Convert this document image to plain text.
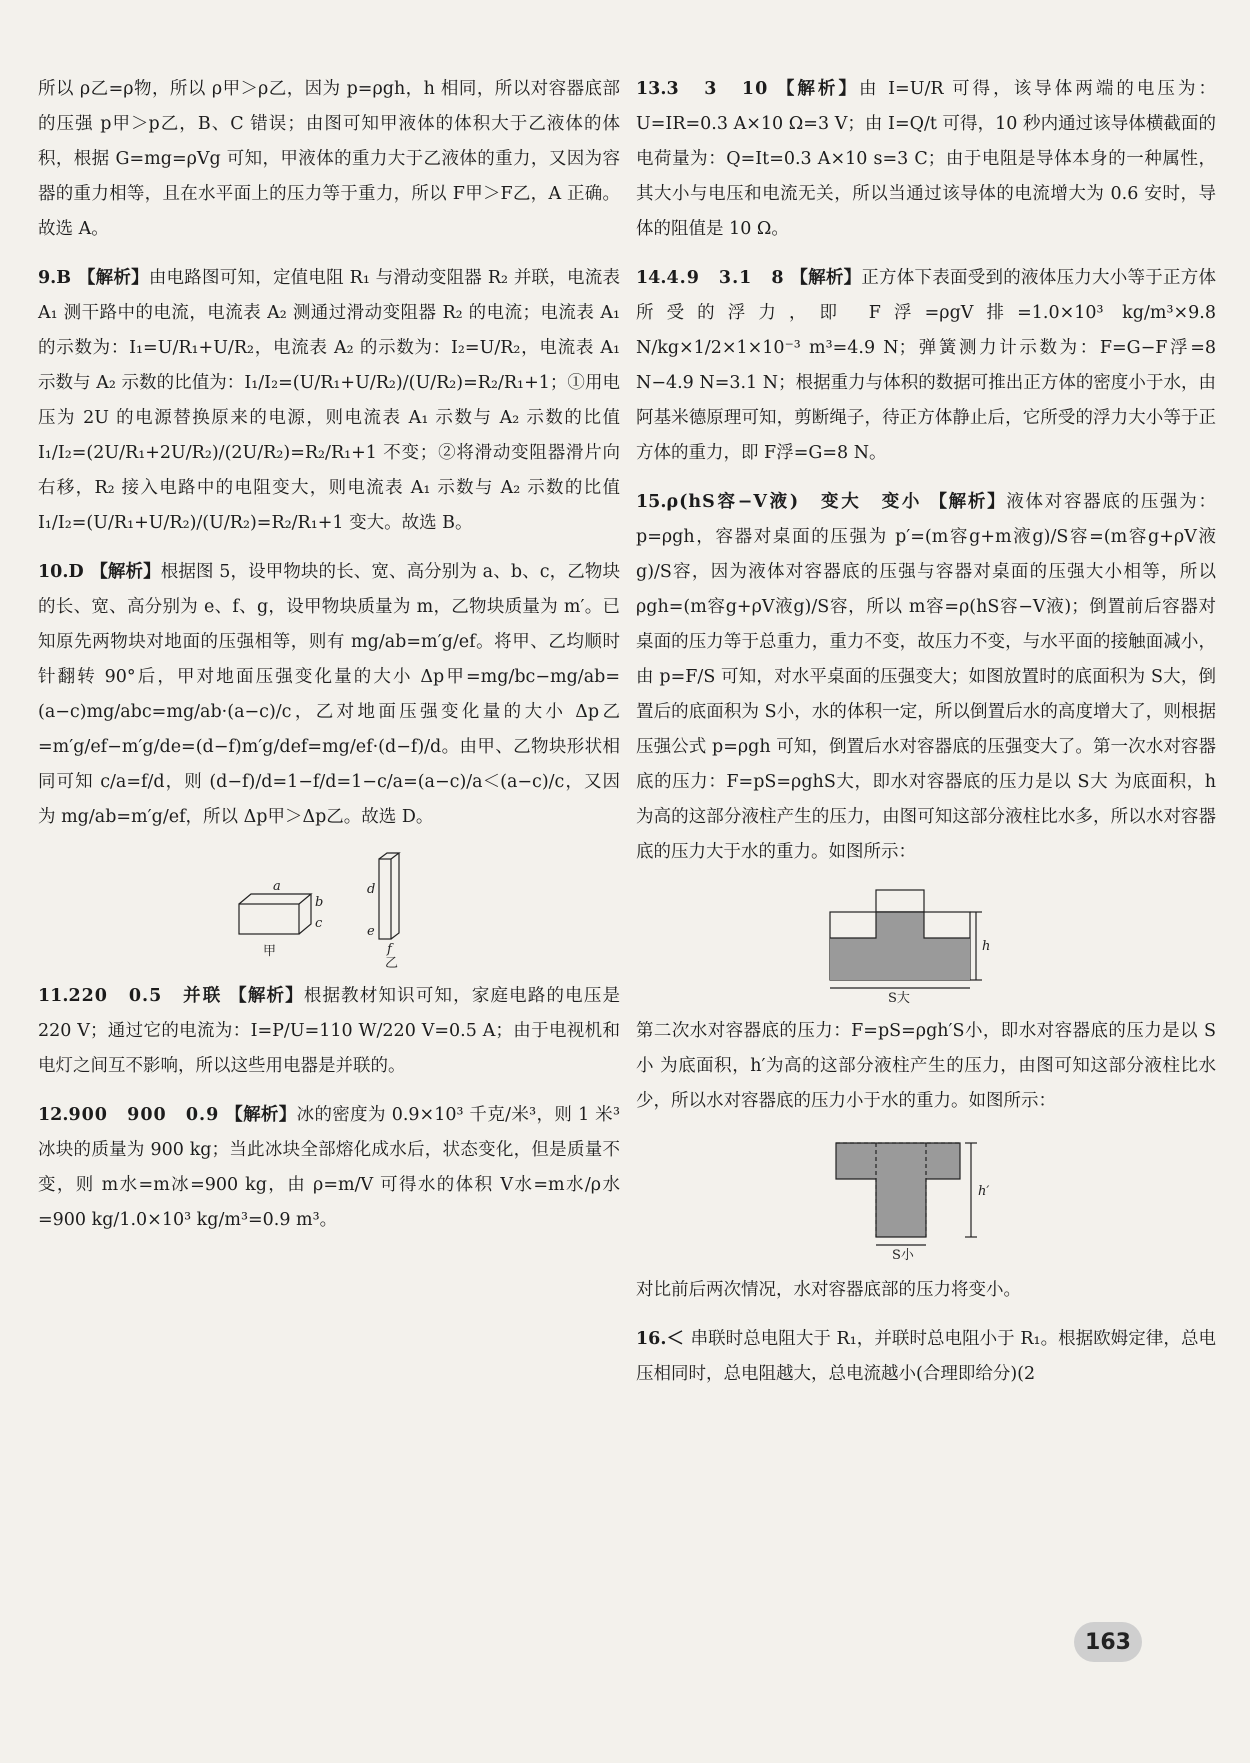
所以 ρ乙=ρ物，所以 ρ甲＞ρ乙，因为 p=ρgh，h 相同，所以对容器底部的压强 p甲＞p乙，B、C 错误；由图可知甲液体的体积大于乙液体的体积，根据 G=mg=ρVg 可知，甲液体的重力大于乙液体的重力，又因为容器的重力相等，且在水平面上的压力等于重力，所以 F甲＞F乙，A 正确。故选 A。

9.B 【解析】由电路图可知，定值电阻 R₁ 与滑动变阻器 R₂ 并联，电流表 A₁ 测干路中的电流，电流表 A₂ 测通过滑动变阻器 R₂ 的电流；电流表 A₁ 的示数为：I₁=U/R₁+U/R₂，电流表 A₂ 的示数为：I₂=U/R₂，电流表 A₁ 示数与 A₂ 示数的比值为：I₁/I₂=(U/R₁+U/R₂)/(U/R₂)=R₂/R₁+1；①用电压为 2U 的电源替换原来的电源，则电流表 A₁ 示数与 A₂ 示数的比值 I₁/I₂=(2U/R₁+2U/R₂)/(2U/R₂)=R₂/R₁+1 不变；②将滑动变阻器滑片向右移，R₂ 接入电路中的电阻变大，则电流表 A₁ 示数与 A₂ 示数的比值 I₁/I₂=(U/R₁+U/R₂)/(U/R₂)=R₂/R₁+1 变大。故选 B。

10.D 【解析】根据图 5，设甲物块的长、宽、高分别为 a、b、c，乙物块的长、宽、高分别为 e、f、g，设甲物块质量为 m，乙物块质量为 m′。已知原先两物块对地面的压强相等，则有 mg/ab=m′g/ef。将甲、乙均顺时针翻转 90°后，甲对地面压强变化量的大小 Δp甲=mg/bc−mg/ab=(a−c)mg/abc=mg/ab·(a−c)/c，乙对地面压强变化量的大小 Δp乙=m′g/ef−m′g/de=(d−f)m′g/def=mg/ef·(d−f)/d。由甲、乙物块形状相同可知 c/a=f/d，则 (d−f)/d=1−f/d=1−c/a=(a−c)/a＜(a−c)/c，又因为 mg/ab=m′g/ef，所以 Δp甲＞Δp乙。故选 D。

a
b
c
d
e
f
甲
乙

11.220　0.5　并联 【解析】根据教材知识可知，家庭电路的电压是 220 V；通过它的电流为：I=P/U=110 W/220 V=0.5 A；由于电视机和电灯之间互不影响，所以这些用电器是并联的。

12.900　900　0.9 【解析】冰的密度为 0.9×10³ 千克/米³，则 1 米³ 冰块的质量为 900 kg；当此冰块全部熔化成水后，状态变化，但是质量不变，则 m水=m冰=900 kg，由 ρ=m/V 可得水的体积 V水=m水/ρ水=900 kg/1.0×10³ kg/m³=0.9 m³。

13.3　3　10 【解析】由 I=U/R 可得，该导体两端的电压为：U=IR=0.3 A×10 Ω=3 V；由 I=Q/t 可得，10 秒内通过该导体横截面的电荷量为：Q=It=0.3 A×10 s=3 C；由于电阻是导体本身的一种属性，其大小与电压和电流无关，所以当通过该导体的电流增大为 0.6 安时，导体的阻值是 10 Ω。

14.4.9　3.1　8 【解析】正方体下表面受到的液体压力大小等于正方体所受的浮力，即 F浮=ρgV排=1.0×10³ kg/m³×9.8 N/kg×1/2×1×10⁻³ m³=4.9 N；弹簧测力计示数为：F=G−F浮=8 N−4.9 N=3.1 N；根据重力与体积的数据可推出正方体的密度小于水，由阿基米德原理可知，剪断绳子，待正方体静止后，它所受的浮力大小等于正方体的重力，即 F浮=G=8 N。

15.ρ(hS容−V液)　变大　变小 【解析】液体对容器底的压强为：p=ρgh，容器对桌面的压强为 p′=(m容g+m液g)/S容=(m容g+ρV液g)/S容，因为液体对容器底的压强与容器对桌面的压强大小相等，所以 ρgh=(m容g+ρV液g)/S容，所以 m容=ρ(hS容−V液)；倒置前后容器对桌面的压力等于总重力，重力不变，故压力不变，与水平面的接触面减小，由 p=F/S 可知，对水平桌面的压强变大；如图放置时的底面积为 S大，倒置后的底面积为 S小，水的体积一定，所以倒置后水的高度增大了，则根据压强公式 p=ρgh 可知，倒置后水对容器底的压强变大了。第一次水对容器底的压力：F=pS=ρghS大，即水对容器底的压力是以 S大 为底面积，h 为高的这部分液柱产生的压力，由图可知这部分液柱比水多，所以水对容器底的压力大于水的重力。如图所示：

h
S大

第二次水对容器底的压力：F=pS=ρgh′S小，即水对容器底的压力是以 S小 为底面积，h′为高的这部分液柱产生的压力，由图可知这部分液柱比水少，所以水对容器底的压力小于水的重力。如图所示：

h′
S小

对比前后两次情况，水对容器底部的压力将变小。

16.＜ 串联时总电阻大于 R₁，并联时总电阻小于 R₁。根据欧姆定律，总电压相同时，总电阻越大，总电流越小(合理即给分)(2

163
